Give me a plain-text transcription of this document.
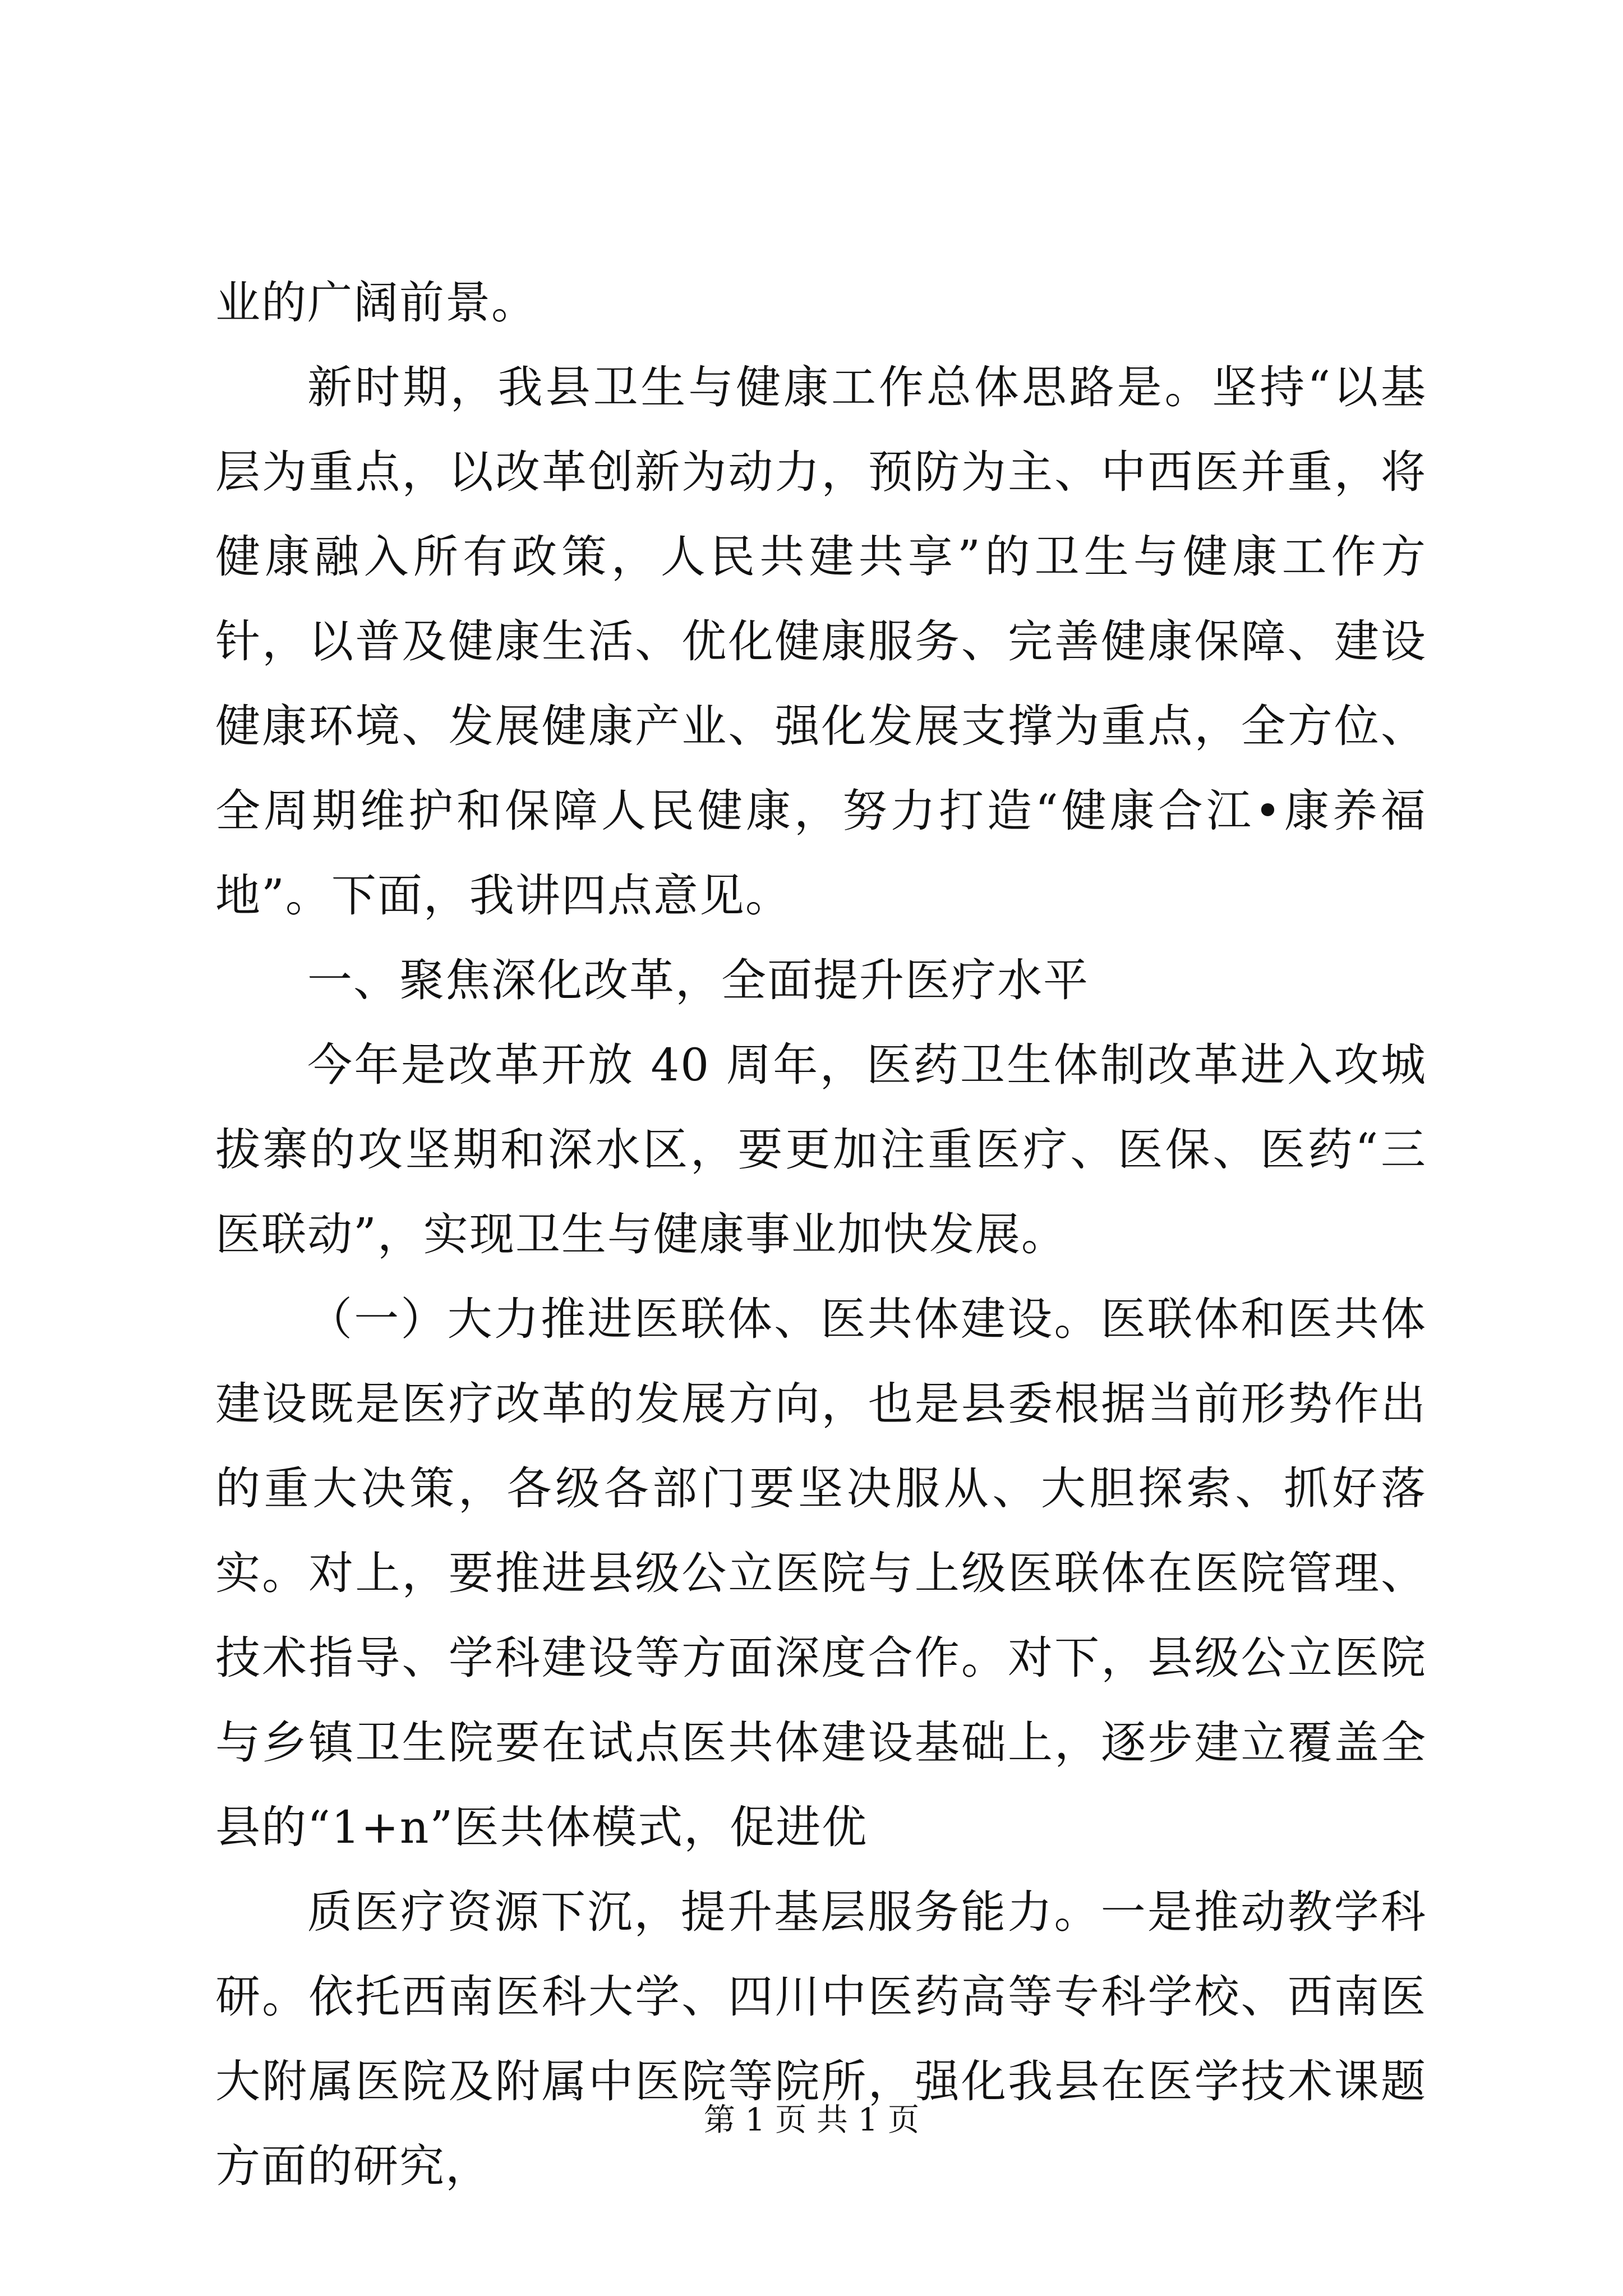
业的广阔前景。

新时期，我县卫生与健康工作总体思路是。坚持“以基层为重点，以改革创新为动力，预防为主、中西医并重，将健康融入所有政策，人民共建共享”的卫生与健康工作方针，以普及健康生活、优化健康服务、完善健康保障、建设健康环境、发展健康产业、强化发展支撑为重点，全方位、全周期维护和保障人民健康，努力打造“健康合江•康养福地”。下面，我讲四点意见。

一、聚焦深化改革，全面提升医疗水平

今年是改革开放 40 周年，医药卫生体制改革进入攻城拔寨的攻坚期和深水区，要更加注重医疗、医保、医药“三医联动”，实现卫生与健康事业加快发展。

（一）大力推进医联体、医共体建设。医联体和医共体建设既是医疗改革的发展方向，也是县委根据当前形势作出的重大决策，各级各部门要坚决服从、大胆探索、抓好落实。对上，要推进县级公立医院与上级医联体在医院管理、技术指导、学科建设等方面深度合作。对下，县级公立医院与乡镇卫生院要在试点医共体建设基础上，逐步建立覆盖全县的“1+n”医共体模式，促进优

质医疗资源下沉，提升基层服务能力。一是推动教学科研。依托西南医科大学、四川中医药高等专科学校、西南医大附属医院及附属中医院等院所，强化我县在医学技术课题方面的研究，

第 1 页 共 1 页
